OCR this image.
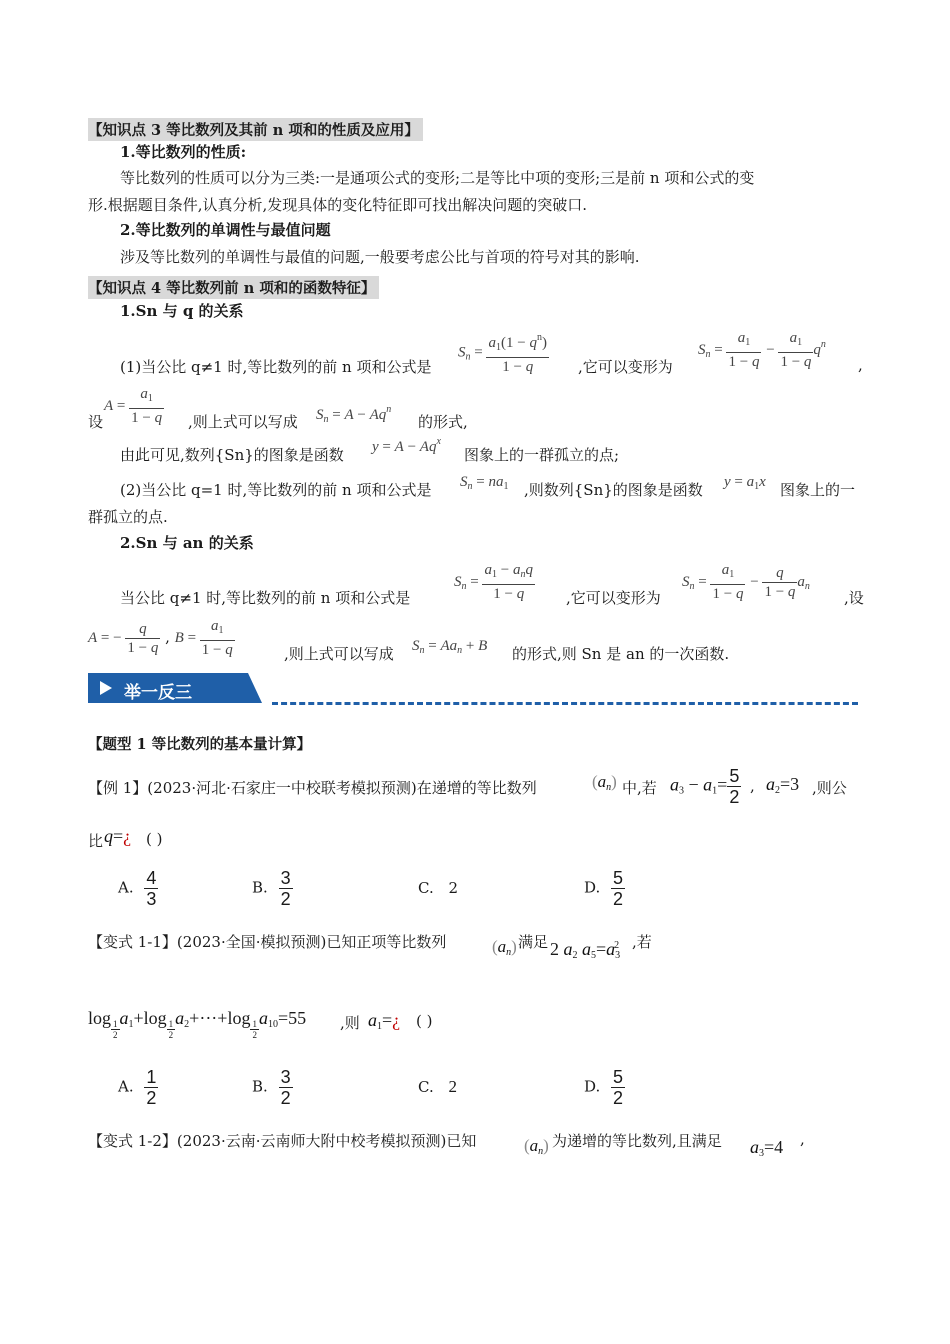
【知识点 3 等比数列及其前 n 项和的性质及应用】
1.等比数列的性质:
等比数列的性质可以分为三类:一是通项公式的变形;二是等比中项的变形;三是前 n 项和公式的变
形.根据题目条件,认真分析,发现具体的变化特征即可找出解决问题的突破口.
2.等比数列的单调性与最值问题
涉及等比数列的单调性与最值的问题,一般要考虑公比与首项的符号对其的影响.
【知识点 4 等比数列前 n 项和的函数特征】
1.Sn 与 q 的关系
(1)当公比 q≠1 时,等比数列的前 n 项和公式是
$S_n = \frac{a_1(1 - q^n)}{1 - q}$ ,它可以变形为
$S_n = \frac{a_1}{1 - q} - \frac{a_1}{1 - q} q^n$
,
$A = \frac{a_1}{1 - q}$
设	,则上式可以写成 $S_n = A - Aq^n$
的形式,
由此可见,数列{Sn}的图象是函数 $y = A - Aq^x$
图象上的一群孤立的点;
(2)当公比 q=1 时,等比数列的前 n 项和公式是 $S_n = na_1$ ,则数列{Sn}的图象是函数 $y = a_1x$ 图象上的一
群孤立的点.
2.Sn 与 an 的关系
当公比 q≠1 时,等比数列的前 n 项和公式是
$S_n = \frac{a_1 - a_nq}{1 - q}$ ,它可以变形为
$S_n = \frac{a_1}{1 - q} - \frac{q}{1 - q} a_n$
,设
A = − $\frac{q}{1 - q}$ , $B = \frac{a_1}{1 - q}$	,则上式可以写成 $S_n = Aa_n + B$ 的形式,则 Sn 是 an 的一次函数.
举一反三
【题型 1 等比数列的基本量计算】
【例 1】(2023·河北·石家庄一中校联考模拟预测)在递增的等比数列	$(a_n)$ 中,若 $a_3 - a_1= \frac{5}{2}$ , $a_2=3$ ,则公
比 q=¿ ( )
A. $\frac{4}{3}$	B. $\frac{3}{2}$	C. 2	D. $\frac{5}{2}$
【变式 1-1】(2023·全国·模拟预测)已知正项等比数列	$(a_n)$ 满足 2 $a_2$ $a_5=a_3^2$ ,若
log
$\frac{1}{2}$
$a_1+\log$
$\frac{1}{2}$
$a_2+\cdot\cdot\cdot+\log$
$\frac{1}{2}$
$a_{10}=55$ ,则 $a_1=¿$ ( )
A. $\frac{1}{2}$	B. $\frac{3}{2}$	C. 2	D. $\frac{5}{2}$
【变式 1-2】(2023·云南·云南师大附中校考模拟预测)已知	$(a_n)$ 为递增的等比数列,且满足 $a_3=4$ ,
